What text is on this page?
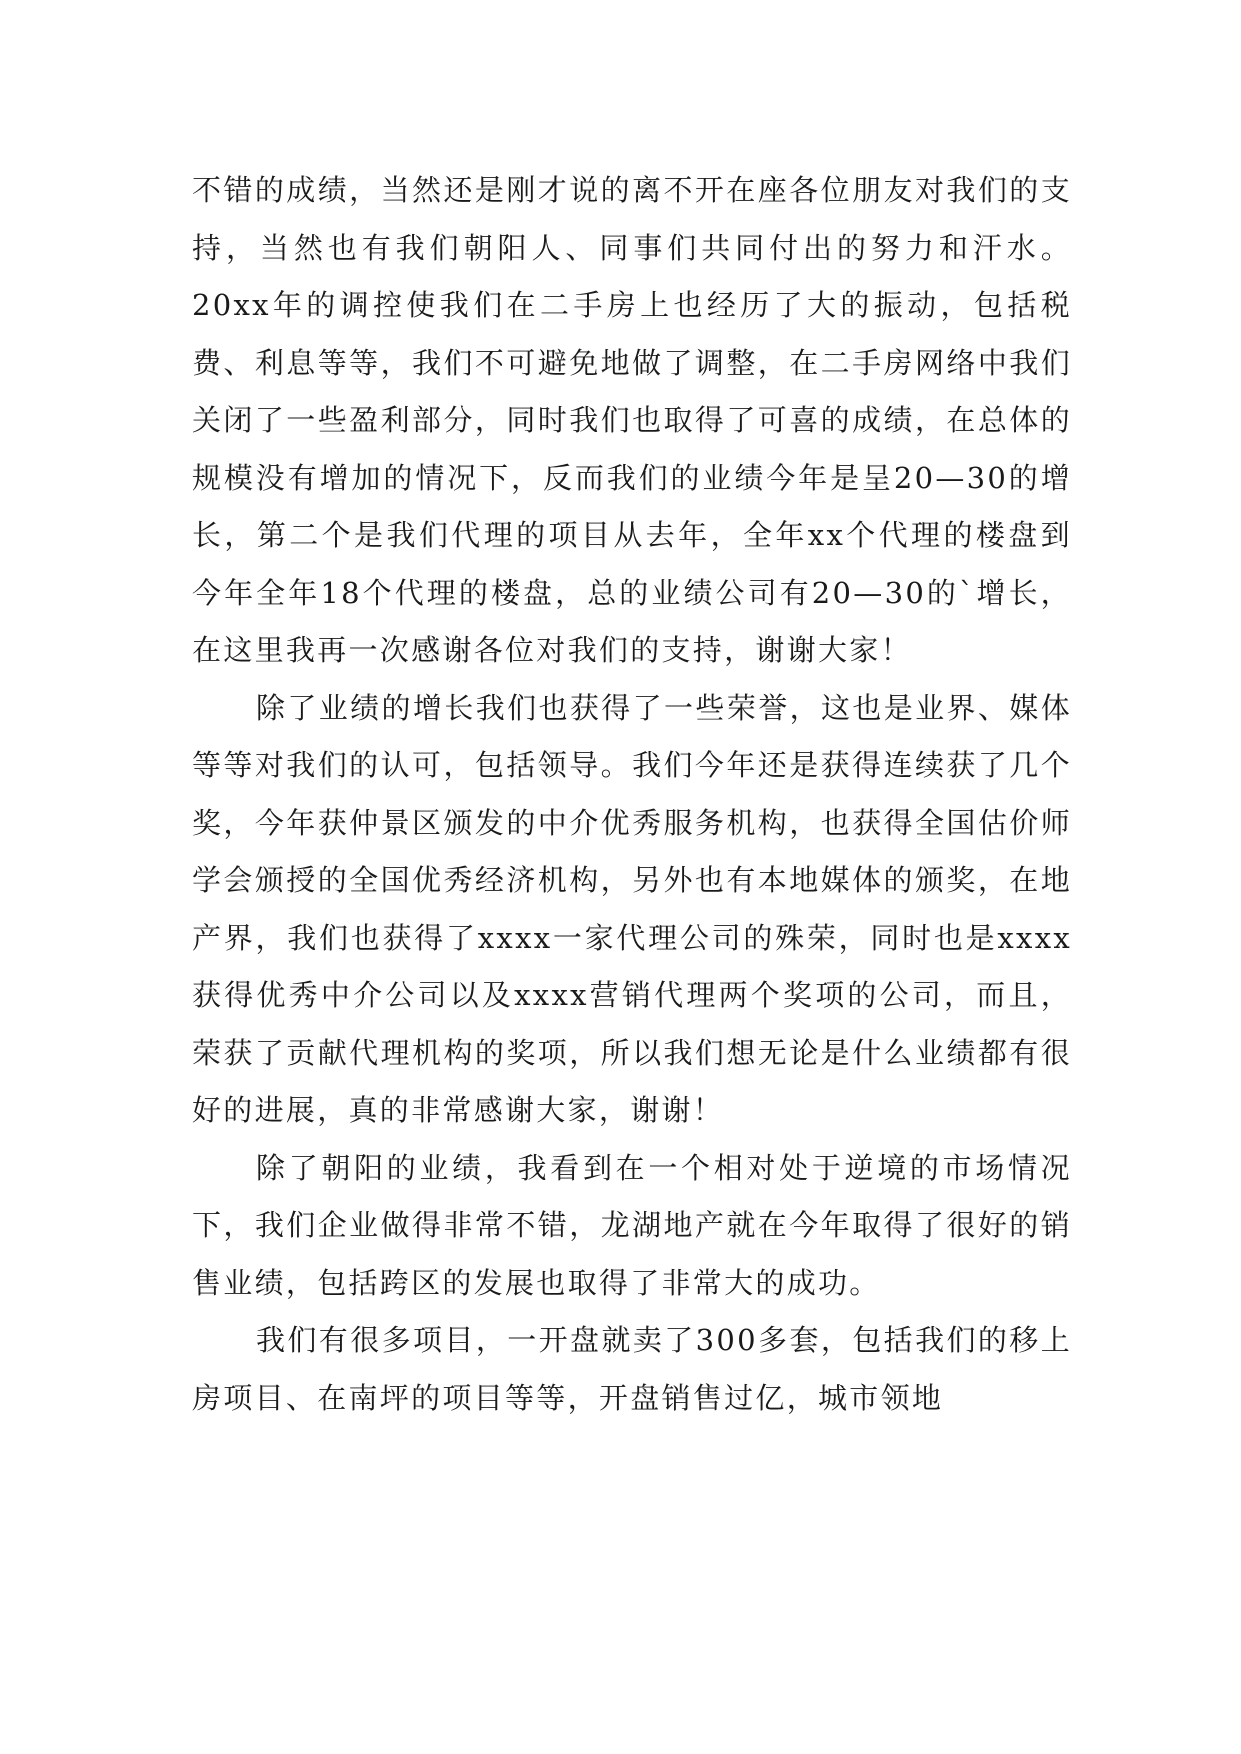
不错的成绩，当然还是刚才说的离不开在座各位朋友对我们的支持，当然也有我们朝阳人、同事们共同付出的努力和汗水。20xx年的调控使我们在二手房上也经历了大的振动，包括税费、利息等等，我们不可避免地做了调整，在二手房网络中我们关闭了一些盈利部分，同时我们也取得了可喜的成绩，在总体的规模没有增加的情况下，反而我们的业绩今年是呈20—30的增长，第二个是我们代理的项目从去年，全年xx个代理的楼盘到今年全年18个代理的楼盘，总的业绩公司有20—30的`增长，在这里我再一次感谢各位对我们的支持，谢谢大家！

除了业绩的增长我们也获得了一些荣誉，这也是业界、媒体等等对我们的认可，包括领导。我们今年还是获得连续获了几个奖，今年获仲景区颁发的中介优秀服务机构，也获得全国估价师学会颁授的全国优秀经济机构，另外也有本地媒体的颁奖，在地产界，我们也获得了xxxx一家代理公司的殊荣，同时也是xxxx获得优秀中介公司以及xxxx营销代理两个奖项的公司，而且，荣获了贡献代理机构的奖项，所以我们想无论是什么业绩都有很好的进展，真的非常感谢大家，谢谢！

除了朝阳的业绩，我看到在一个相对处于逆境的市场情况下，我们企业做得非常不错，龙湖地产就在今年取得了很好的销售业绩，包括跨区的发展也取得了非常大的成功。

我们有很多项目，一开盘就卖了300多套，包括我们的移上房项目、在南坪的项目等等，开盘销售过亿，城市领地
